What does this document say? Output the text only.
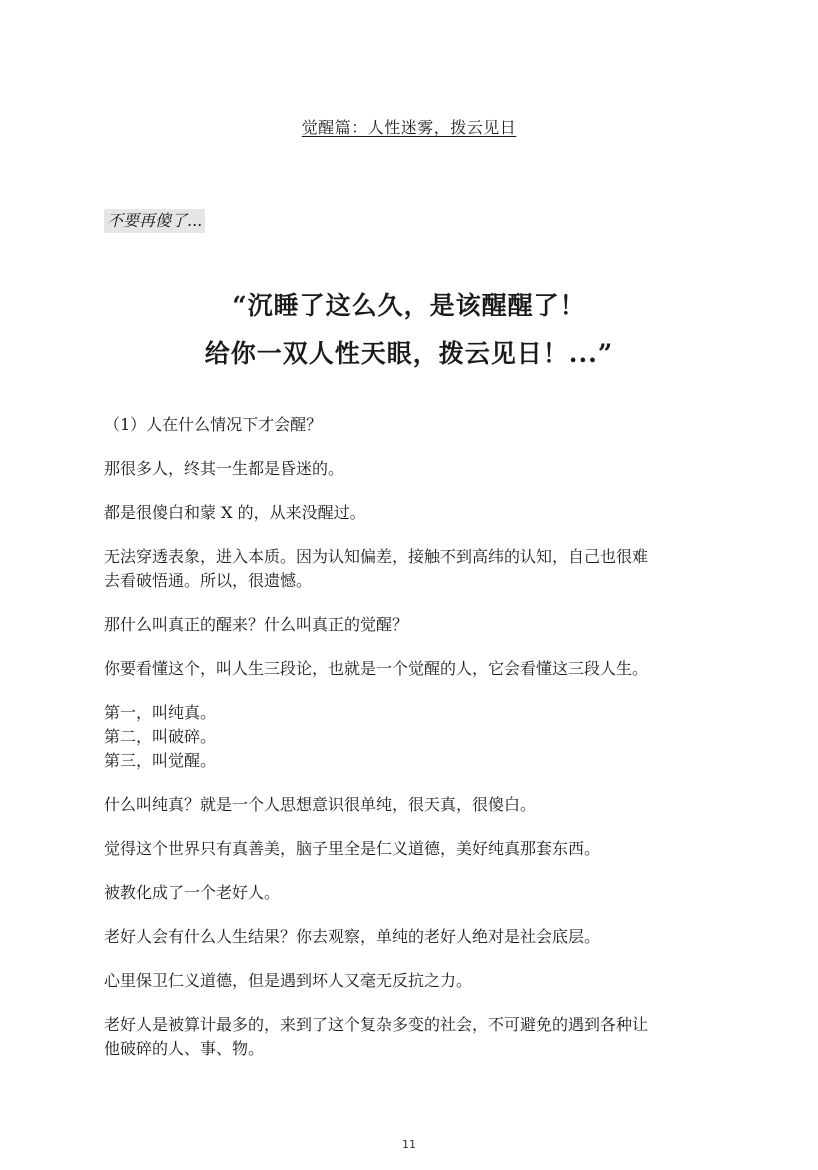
觉醒篇：人性迷雾，拨云见日
不要再傻了...
“沉睡了这么久，是该醒醒了！
给你一双人性天眼，拨云见日！...”

（1）人在什么情况下才会醒？

那很多人，终其一生都是昏迷的。

都是很傻白和蒙 X 的，从来没醒过。

无法穿透表象，进入本质。因为认知偏差，接触不到高纬的认知，自己也很难
去看破悟通。所以，很遗憾。

那什么叫真正的醒来？什么叫真正的觉醒？

你要看懂这个，叫人生三段论，也就是一个觉醒的人，它会看懂这三段人生。

第一，叫纯真。
第二，叫破碎。
第三，叫觉醒。

什么叫纯真？就是一个人思想意识很单纯，很天真，很傻白。

觉得这个世界只有真善美，脑子里全是仁义道德，美好纯真那套东西。

被教化成了一个老好人。

老好人会有什么人生结果？你去观察，单纯的老好人绝对是社会底层。

心里保卫仁义道德，但是遇到坏人又毫无反抗之力。

老好人是被算计最多的，来到了这个复杂多变的社会，不可避免的遇到各种让
他破碎的人、事、物。
11
